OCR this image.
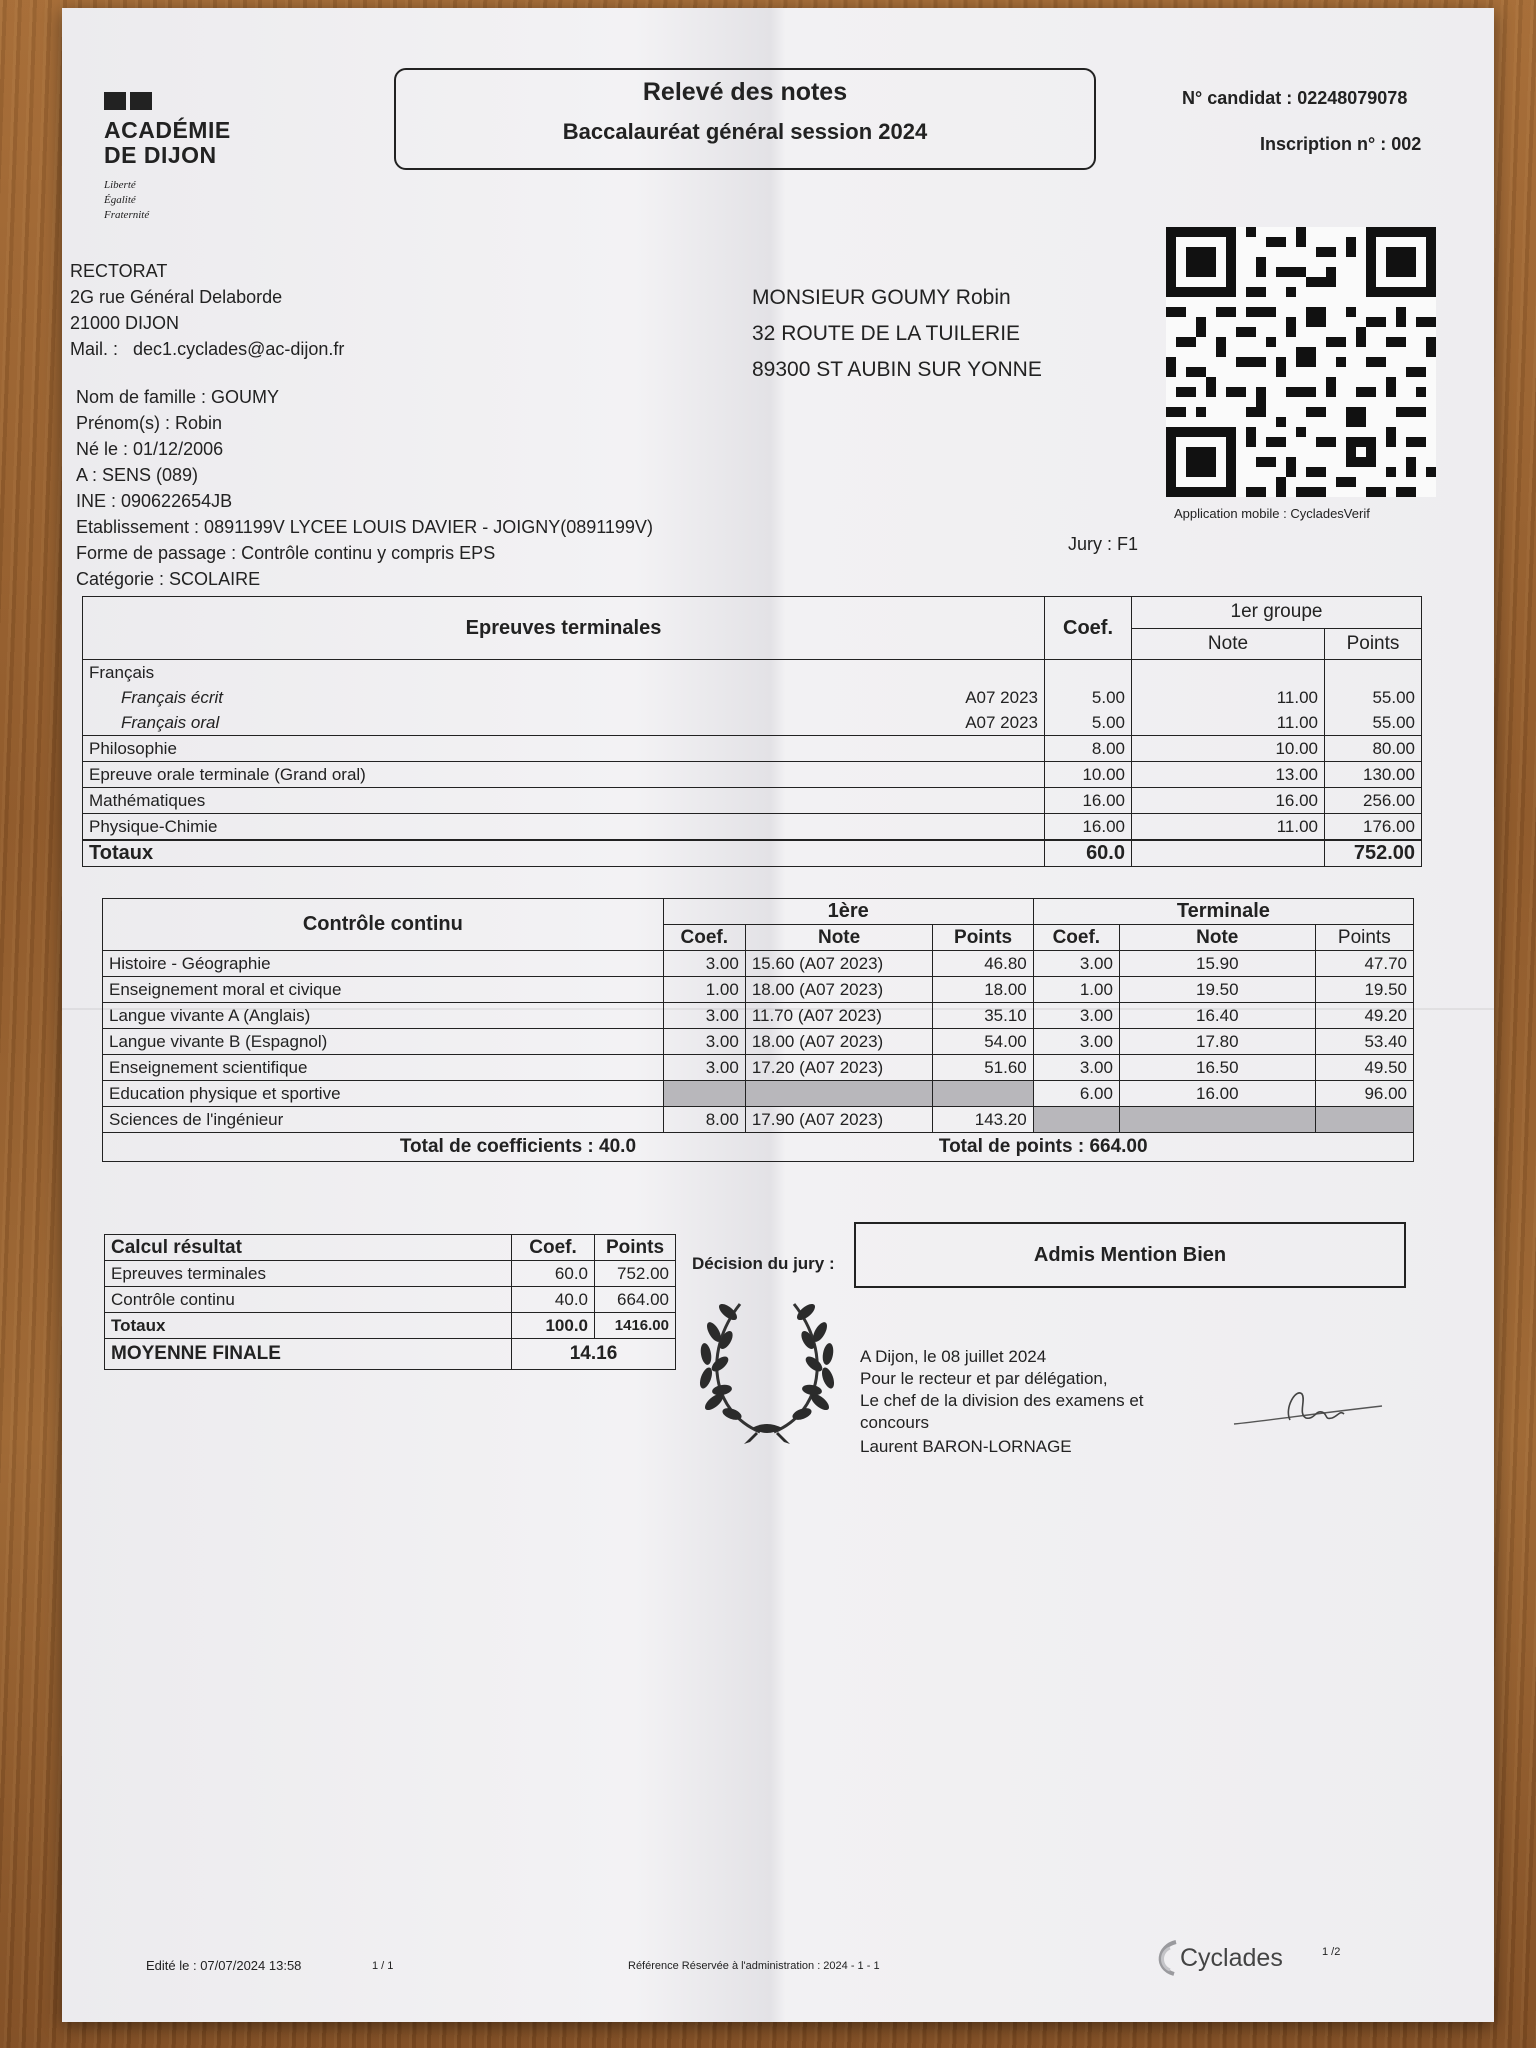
ACADÉMIE
DE DIJON
Liberté
Égalité
Fraternité
Relevé des notes
Baccalauréat général session 2024
N° candidat : 02248079078
Inscription n° : 002
Application mobile : CycladesVerif
RECTORAT
2G rue Général Delaborde
21000 DIJON
Mail. : dec1.cyclades@ac-dijon.fr
MONSIEUR GOUMY Robin
32 ROUTE DE LA TUILERIE
89300 ST AUBIN SUR YONNE
Nom de famille : GOUMY
Prénom(s) : Robin
Né le : 01/12/2006
A : SENS (089)
INE : 090622654JB
Etablissement : 0891199V LYCEE LOUIS DAVIER - JOIGNY(0891199V)
Forme de passage : Contrôle continu y compris EPS
Catégorie : SCOLAIRE
Jury : F1
Epreuves terminales		Coef.	1er groupe	
			Note	Points
Français				
Français écrit	A07 2023	5.00	11.00	55.00
Français oral	A07 2023	5.00	11.00	55.00
Philosophie		8.00	10.00	80.00
Epreuve orale terminale (Grand oral)		10.00	13.00	130.00
Mathématiques		16.00	16.00	256.00
Physique-Chimie		16.00	11.00	176.00
Totaux		60.0		752.00
Contrôle continu	1ère			Terminale		
	Coef.	Note	Points	Coef.	Note	Points
Histoire - Géographie	3.00	15.60 (A07 2023)	46.80	3.00	15.90	47.70
Enseignement moral et civique	1.00	18.00 (A07 2023)	18.00	1.00	19.50	19.50
Langue vivante A (Anglais)	3.00	11.70 (A07 2023)	35.10	3.00	16.40	49.20
Langue vivante B (Espagnol)	3.00	18.00 (A07 2023)	54.00	3.00	17.80	53.40
Enseignement scientifique	3.00	17.20 (A07 2023)	51.60	3.00	16.50	49.50
Education physique et sportive				6.00	16.00	96.00
Sciences de l'ingénieur	8.00	17.90 (A07 2023)	143.20			
Total de coefficients : 40.0			Total de points : 664.00			
Calcul résultat	Coef.	Points
Epreuves terminales	60.0	752.00
Contrôle continu	40.0	664.00
Totaux	100.0	1416.00
MOYENNE FINALE	14.16	
Décision du jury :	Admis Mention Bien
A Dijon, le 08 juillet 2024
Pour le recteur et par délégation,
Le chef de la division des examens et
concours
Laurent BARON-LORNAGE
Edité le : 07/07/2024 13:58	1 / 1	Référence Réservée à l'administration : 2024 - 1 - 1	Cyclades	1 /2
